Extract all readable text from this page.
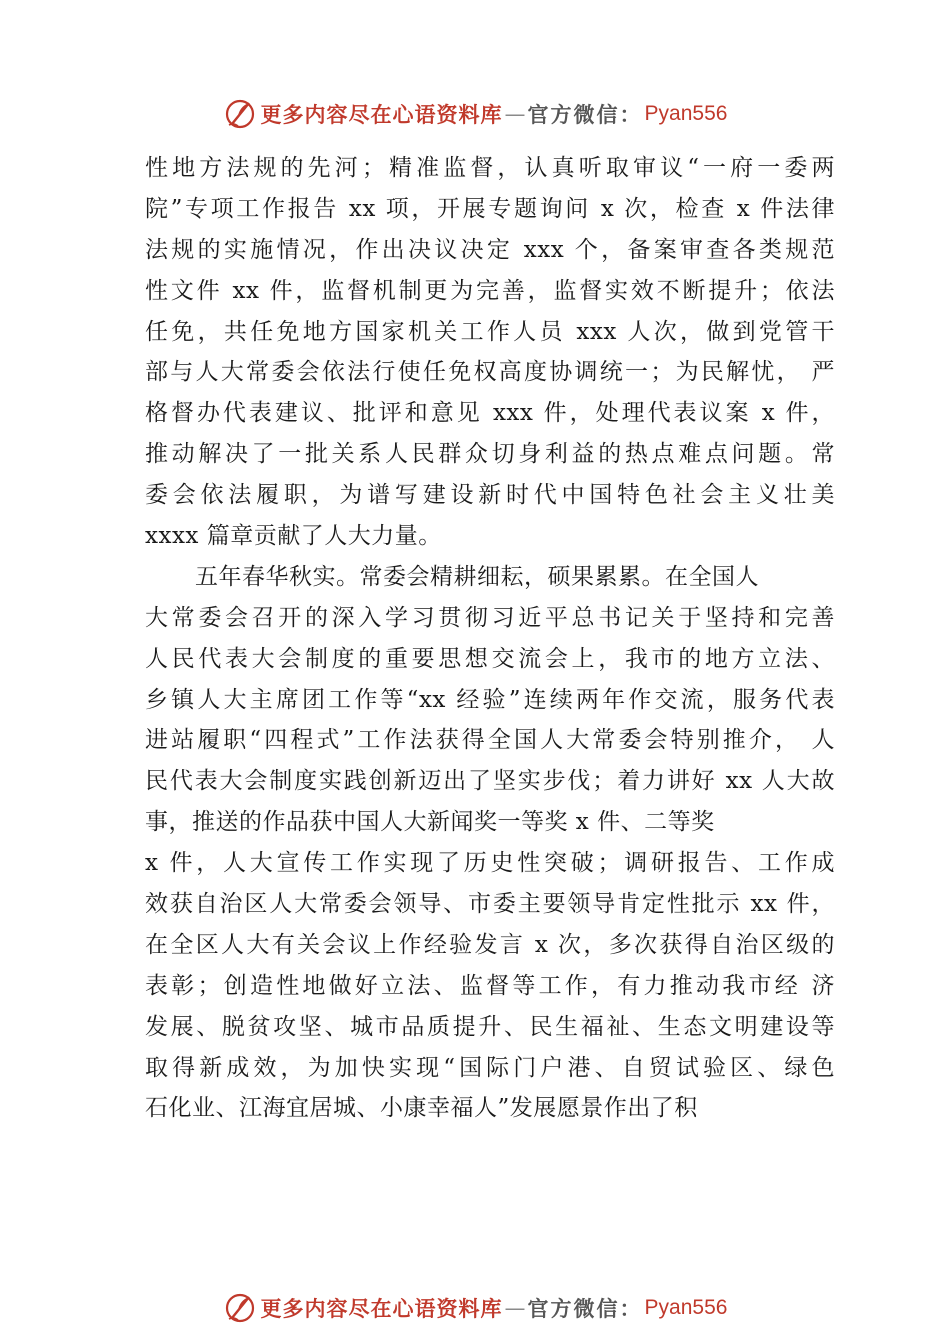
更多内容尽在心语资料库 — 官方微信： Pyan556
性地方法规的先河；精准监督，认真听取审议“一府一委两
院”专项工作报告 xx 项，开展专题询问 x 次，检查 x 件法律
法规的实施情况，作出决议决定 xxx 个，备案审查各类规范
性文件 xx 件，监督机制更为完善，监督实效不断提升；依法
任免，共任免地方国家机关工作人员 xxx 人次，做到党管干
部与人大常委会依法行使任免权高度协调统一；为民解忧， 严
格督办代表建议、批评和意见 xxx 件，处理代表议案 x 件，
推动解决了一批关系人民群众切身利益的热点难点问题。常
委会依法履职，为谱写建设新时代中国特色社会主义壮美
xxxx 篇章贡献了人大力量。
五年春华秋实。常委会精耕细耘，硕果累累。在全国人
大常委会召开的深入学习贯彻习近平总书记关于坚持和完善
人民代表大会制度的重要思想交流会上，我市的地方立法、
乡镇人大主席团工作等“xx 经验”连续两年作交流，服务代表
进站履职“四程式”工作法获得全国人大常委会特别推介， 人
民代表大会制度实践创新迈出了坚实步伐；着力讲好 xx 人大故
事，推送的作品获中国人大新闻奖一等奖 x 件、二等奖
x 件，人大宣传工作实现了历史性突破；调研报告、工作成
效获自治区人大常委会领导、市委主要领导肯定性批示 xx 件，
在全区人大有关会议上作经验发言 x 次，多次获得自治区级的
表彰；创造性地做好立法、监督等工作，有力推动我市经 济
发展、脱贫攻坚、城市品质提升、民生福祉、生态文明建设等
取得新成效，为加快实现“国际门户港、自贸试验区、绿色
石化业、江海宜居城、小康幸福人”发展愿景作出了积
更多内容尽在心语资料库 — 官方微信： Pyan556
